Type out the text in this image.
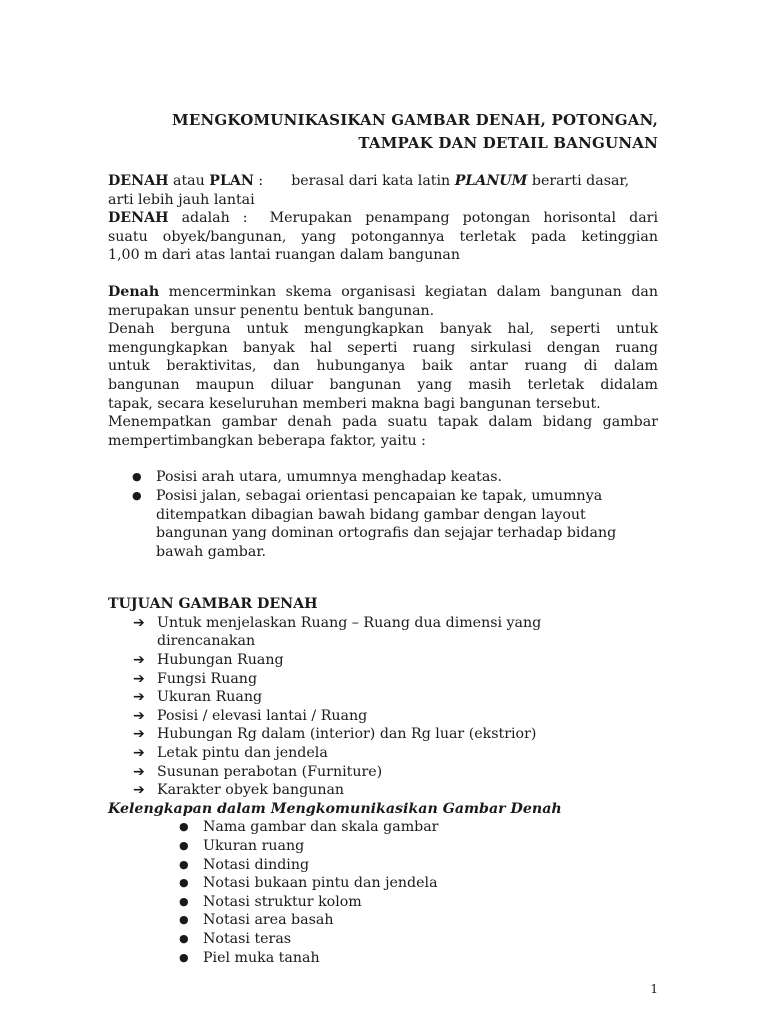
MENGKOMUNIKASIKAN GAMBAR DENAH, POTONGAN,
TAMPAK DAN DETAIL BANGUNAN
DENAH atau PLAN : berasal dari kata latin PLANUM berarti dasar,
arti lebih jauh lantai
DENAH adalah : Merupakan penampang potongan horisontal dari
suatu obyek/bangunan, yang potongannya terletak pada ketinggian
1,00 m dari atas lantai ruangan dalam bangunan
Denah mencerminkan skema organisasi kegiatan dalam bangunan dan
merupakan unsur penentu bentuk bangunan.
Denah berguna untuk mengungkapkan banyak hal, seperti untuk
mengungkapkan banyak hal seperti ruang sirkulasi dengan ruang
untuk beraktivitas, dan hubunganya baik antar ruang di dalam
bangunan maupun diluar bangunan yang masih terletak didalam
tapak, secara keseluruhan memberi makna bagi bangunan tersebut.
Menempatkan gambar denah pada suatu tapak dalam bidang gambar
mempertimbangkan beberapa faktor, yaitu :
● Posisi arah utara, umumnya menghadap keatas.
● Posisi jalan, sebagai orientasi pencapaian ke tapak, umumnya
ditempatkan dibagian bawah bidang gambar dengan layout
bangunan yang dominan ortografis dan sejajar terhadap bidang
bawah gambar.
TUJUAN GAMBAR DENAH
➔ Untuk menjelaskan Ruang – Ruang dua dimensi yang
direncanakan
➔ Hubungan Ruang
➔ Fungsi Ruang
➔ Ukuran Ruang
➔ Posisi / elevasi lantai / Ruang
➔ Hubungan Rg dalam (interior) dan Rg luar (ekstrior)
➔ Letak pintu dan jendela
➔ Susunan perabotan (Furniture)
➔ Karakter obyek bangunan
Kelengkapan dalam Mengkomunikasikan Gambar Denah
● Nama gambar dan skala gambar
● Ukuran ruang
● Notasi dinding
● Notasi bukaan pintu dan jendela
● Notasi struktur kolom
● Notasi area basah
● Notasi teras
● Piel muka tanah
1
